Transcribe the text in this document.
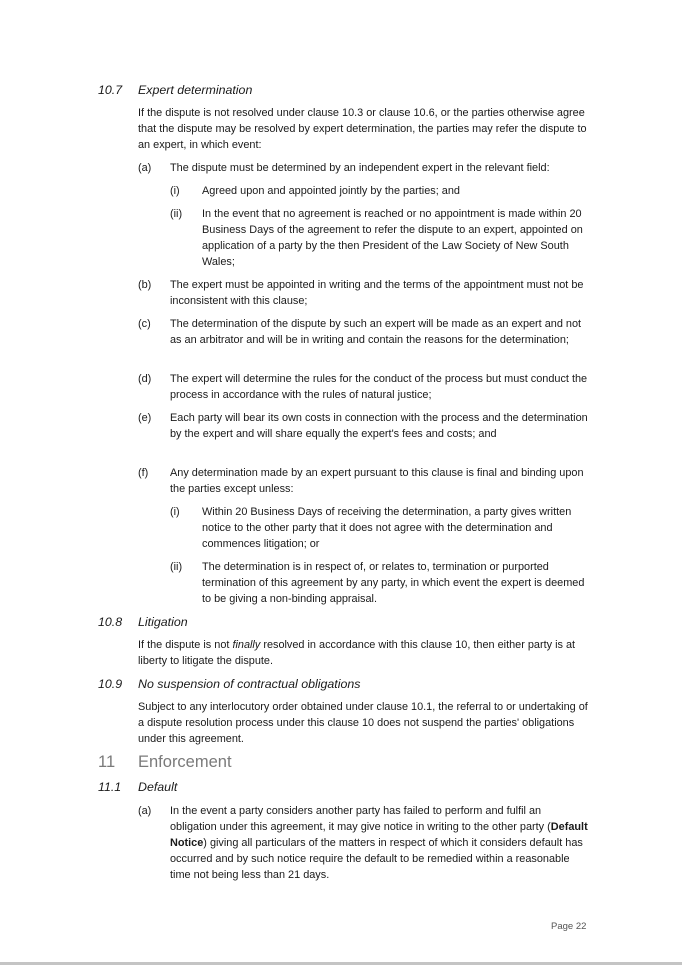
10.7 Expert determination
If the dispute is not resolved under clause 10.3 or clause 10.6, or the parties otherwise agree that the dispute may be resolved by expert determination, the parties may refer the dispute to an expert, in which event:
(a) The dispute must be determined by an independent expert in the relevant field:
(i) Agreed upon and appointed jointly by the parties; and
(ii) In the event that no agreement is reached or no appointment is made within 20 Business Days of the agreement to refer the dispute to an expert, appointed on application of a party by the then President of the Law Society of New South Wales;
(b) The expert must be appointed in writing and the terms of the appointment must not be inconsistent with this clause;
(c) The determination of the dispute by such an expert will be made as an expert and not as an arbitrator and will be in writing and contain the reasons for the determination;
(d) The expert will determine the rules for the conduct of the process but must conduct the process in accordance with the rules of natural justice;
(e) Each party will bear its own costs in connection with the process and the determination by the expert and will share equally the expert's fees and costs; and
(f) Any determination made by an expert pursuant to this clause is final and binding upon the parties except unless:
(i) Within 20 Business Days of receiving the determination, a party gives written notice to the other party that it does not agree with the determination and commences litigation; or
(ii) The determination is in respect of, or relates to, termination or purported termination of this agreement by any party, in which event the expert is deemed to be giving a non-binding appraisal.
10.8 Litigation
If the dispute is not finally resolved in accordance with this clause 10, then either party is at liberty to litigate the dispute.
10.9 No suspension of contractual obligations
Subject to any interlocutory order obtained under clause 10.1, the referral to or undertaking of a dispute resolution process under this clause 10 does not suspend the parties' obligations under this agreement.
11 Enforcement
11.1 Default
(a) In the event a party considers another party has failed to perform and fulfil an obligation under this agreement, it may give notice in writing to the other party (Default Notice) giving all particulars of the matters in respect of which it considers default has occurred and by such notice require the default to be remedied within a reasonable time not being less than 21 days.
Page 22
